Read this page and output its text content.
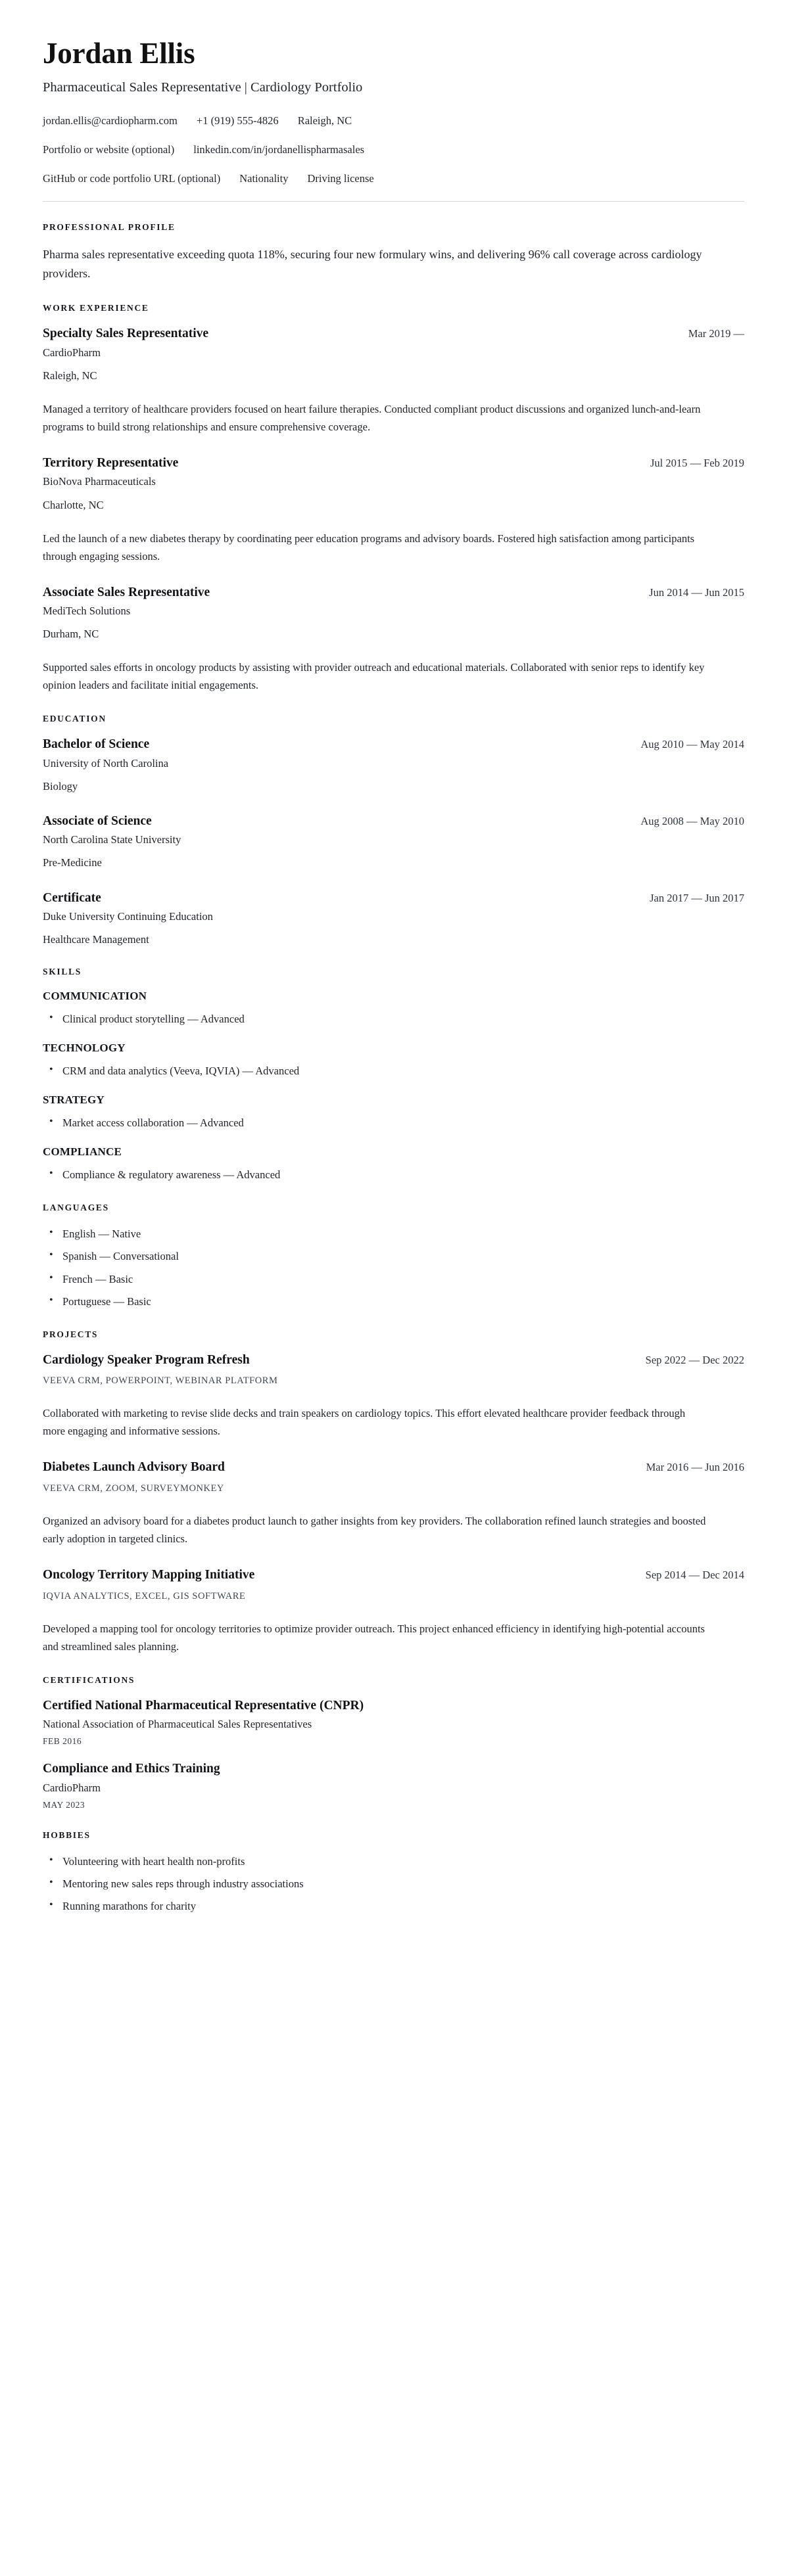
Jordan Ellis
Pharmaceutical Sales Representative | Cardiology Portfolio
jordan.ellis@cardiopharm.com +1 (919) 555-4826 Raleigh, NC
Portfolio or website (optional) linkedin.com/in/jordanellispharmasales
GitHub or code portfolio URL (optional) Nationality Driving license
PROFESSIONAL PROFILE

Pharma sales representative exceeding quota 118%, securing four new formulary wins, and delivering 96% call coverage across cardiology providers.

WORK EXPERIENCE
Specialty Sales Representative	Mar 2019 —
CardioPharm
Raleigh, NC

Managed a territory of healthcare providers focused on heart failure therapies. Conducted compliant product discussions and organized lunch-and-learn programs to build strong relationships and ensure comprehensive coverage.

Territory Representative	Jul 2015 — Feb 2019
BioNova Pharmaceuticals
Charlotte, NC

Led the launch of a new diabetes therapy by coordinating peer education programs and advisory boards. Fostered high satisfaction among participants through engaging sessions.

Associate Sales Representative	Jun 2014 — Jun 2015
MediTech Solutions
Durham, NC

Supported sales efforts in oncology products by assisting with provider outreach and educational materials. Collaborated with senior reps to identify key opinion leaders and facilitate initial engagements.

EDUCATION
Bachelor of Science	Aug 2010 — May 2014
University of North Carolina
Biology
Associate of Science	Aug 2008 — May 2010
North Carolina State University
Pre-Medicine
Certificate	Jan 2017 — Jun 2017
Duke University Continuing Education
Healthcare Management
SKILLS
COMMUNICATION
• Clinical product storytelling — Advanced
TECHNOLOGY
• CRM and data analytics (Veeva, IQVIA) — Advanced
STRATEGY
• Market access collaboration — Advanced
COMPLIANCE
• Compliance & regulatory awareness — Advanced
LANGUAGES
• English — Native
• Spanish — Conversational
• French — Basic
• Portuguese — Basic
PROJECTS
Cardiology Speaker Program Refresh	Sep 2022 — Dec 2022
VEEVA CRM, POWERPOINT, WEBINAR PLATFORM

Collaborated with marketing to revise slide decks and train speakers on cardiology topics. This effort elevated healthcare provider feedback through more engaging and informative sessions.

Diabetes Launch Advisory Board	Mar 2016 — Jun 2016
VEEVA CRM, ZOOM, SURVEYMONKEY

Organized an advisory board for a diabetes product launch to gather insights from key providers. The collaboration refined launch strategies and boosted early adoption in targeted clinics.

Oncology Territory Mapping Initiative	Sep 2014 — Dec 2014
IQVIA ANALYTICS, EXCEL, GIS SOFTWARE

Developed a mapping tool for oncology territories to optimize provider outreach. This project enhanced efficiency in identifying high-potential accounts and streamlined sales planning.

CERTIFICATIONS
Certified National Pharmaceutical Representative (CNPR)
National Association of Pharmaceutical Sales Representatives
FEB 2016
Compliance and Ethics Training
CardioPharm
MAY 2023
HOBBIES
• Volunteering with heart health non-profits
• Mentoring new sales reps through industry associations
• Running marathons for charity
